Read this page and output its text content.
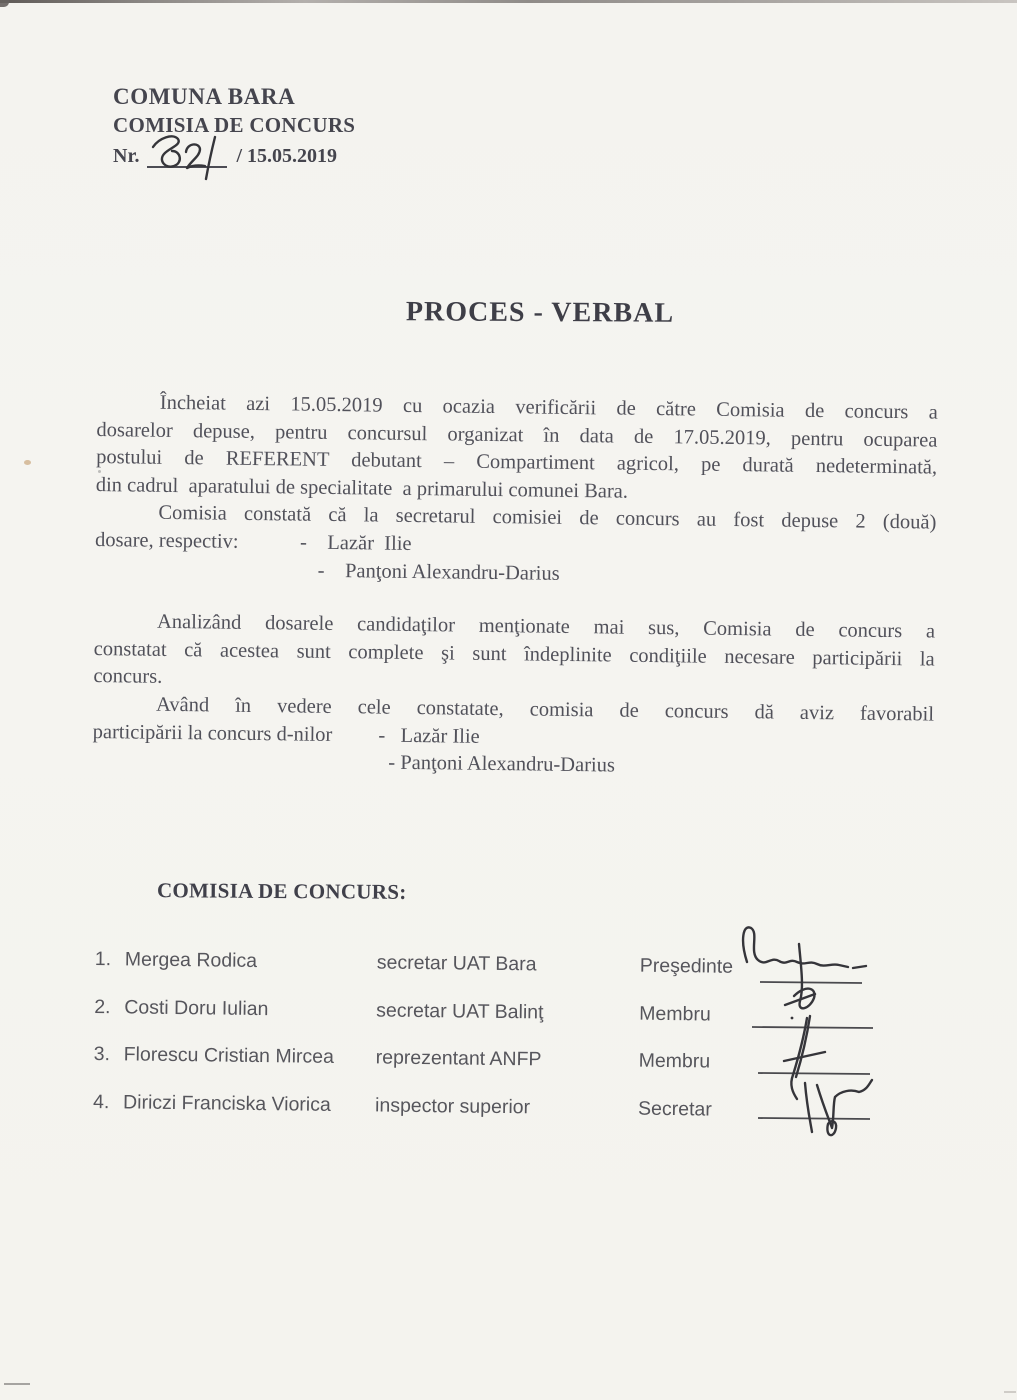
COMUNA BARA
COMISIA DE CONCURS
Nr.	/ 15.05.2019
PROCES - VERBAL
Încheiat azi 15.05.2019 cu ocazia verificării de către Comisia de concurs a
dosarelor depuse, pentru concursul organizat în data de 17.05.2019, pentru ocuparea
postului de REFERENT debutant – Compartiment agricol, pe durată nedeterminată,
din cadrul  aparatului de specialitate  a primarului comunei Bara.
Comisia constată că la secretarul comisiei de concurs au fost depuse 2 (două)
dosare, respectiv:            -    Lazăr  Ilie
-    Panţoni Alexandru-Darius
Analizând dosarele candidaţilor menţionate mai sus, Comisia de concurs a
constatat că acestea sunt complete şi sunt îndeplinite condiţiile necesare participării la
concurs.
Având în vedere cele constatate, comisia de concurs dă aviz favorabil
participării la concurs d-nilor         -   Lazăr Ilie
- Panţoni Alexandru-Darius
COMISIA DE CONCURS:
1. Mergea Rodica	secretar UAT Bara	Preşedinte
2. Costi Doru Iulian	secretar UAT Balinţ	Membru
3. Florescu Cristian Mircea	reprezentant ANFP	Membru
4. Diriczi Franciska Viorica	inspector superior	Secretar
